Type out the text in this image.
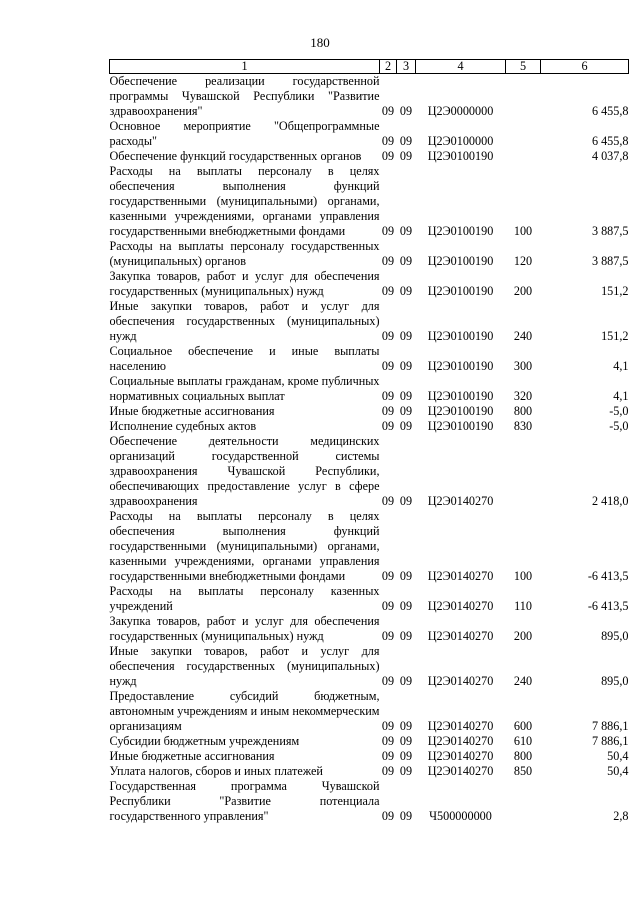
180
1	2	3	4	5	6
Обеспечение реализации государственной программы Чувашской Республики "Развитие здравоохранения"	09	09	Ц2Э0000000		6 455,8
Основное мероприятие "Общепрограммные расходы"	09	09	Ц2Э0100000		6 455,8
Обеспечение функций государственных органов	09	09	Ц2Э0100190		4 037,8
Расходы на выплаты персоналу в целях обеспечения выполнения функций государственными (муниципальными) органами, казенными учреждениями, органами управления государственными внебюджетными фондами	09	09	Ц2Э0100190	100	3 887,5
Расходы на выплаты персоналу государственных (муниципальных) органов	09	09	Ц2Э0100190	120	3 887,5
Закупка товаров, работ и услуг для обеспечения государственных (муниципальных) нужд	09	09	Ц2Э0100190	200	151,2
Иные закупки товаров, работ и услуг для обеспечения государственных (муниципальных) нужд	09	09	Ц2Э0100190	240	151,2
Социальное обеспечение и иные выплаты населению	09	09	Ц2Э0100190	300	4,1
Социальные выплаты гражданам, кроме публичных нормативных социальных выплат	09	09	Ц2Э0100190	320	4,1
Иные бюджетные ассигнования	09	09	Ц2Э0100190	800	-5,0
Исполнение судебных актов	09	09	Ц2Э0100190	830	-5,0
Обеспечение деятельности медицинских организаций государственной системы здравоохранения Чувашской Республики, обеспечивающих предоставление услуг в сфере здравоохранения	09	09	Ц2Э0140270		2 418,0
Расходы на выплаты персоналу в целях обеспечения выполнения функций государственными (муниципальными) органами, казенными учреждениями, органами управления государственными внебюджетными фондами	09	09	Ц2Э0140270	100	-6 413,5
Расходы на выплаты персоналу казенных учреждений	09	09	Ц2Э0140270	110	-6 413,5
Закупка товаров, работ и услуг для обеспечения государственных (муниципальных) нужд	09	09	Ц2Э0140270	200	895,0
Иные закупки товаров, работ и услуг для обеспечения государственных (муниципальных) нужд	09	09	Ц2Э0140270	240	895,0
Предоставление субсидий бюджетным, автономным учреждениям и иным некоммерческим организациям	09	09	Ц2Э0140270	600	7 886,1
Субсидии бюджетным учреждениям	09	09	Ц2Э0140270	610	7 886,1
Иные бюджетные ассигнования	09	09	Ц2Э0140270	800	50,4
Уплата налогов, сборов и иных платежей	09	09	Ц2Э0140270	850	50,4
Государственная программа Чувашской Республики "Развитие потенциала государственного управления"	09	09	Ч500000000		2,8
